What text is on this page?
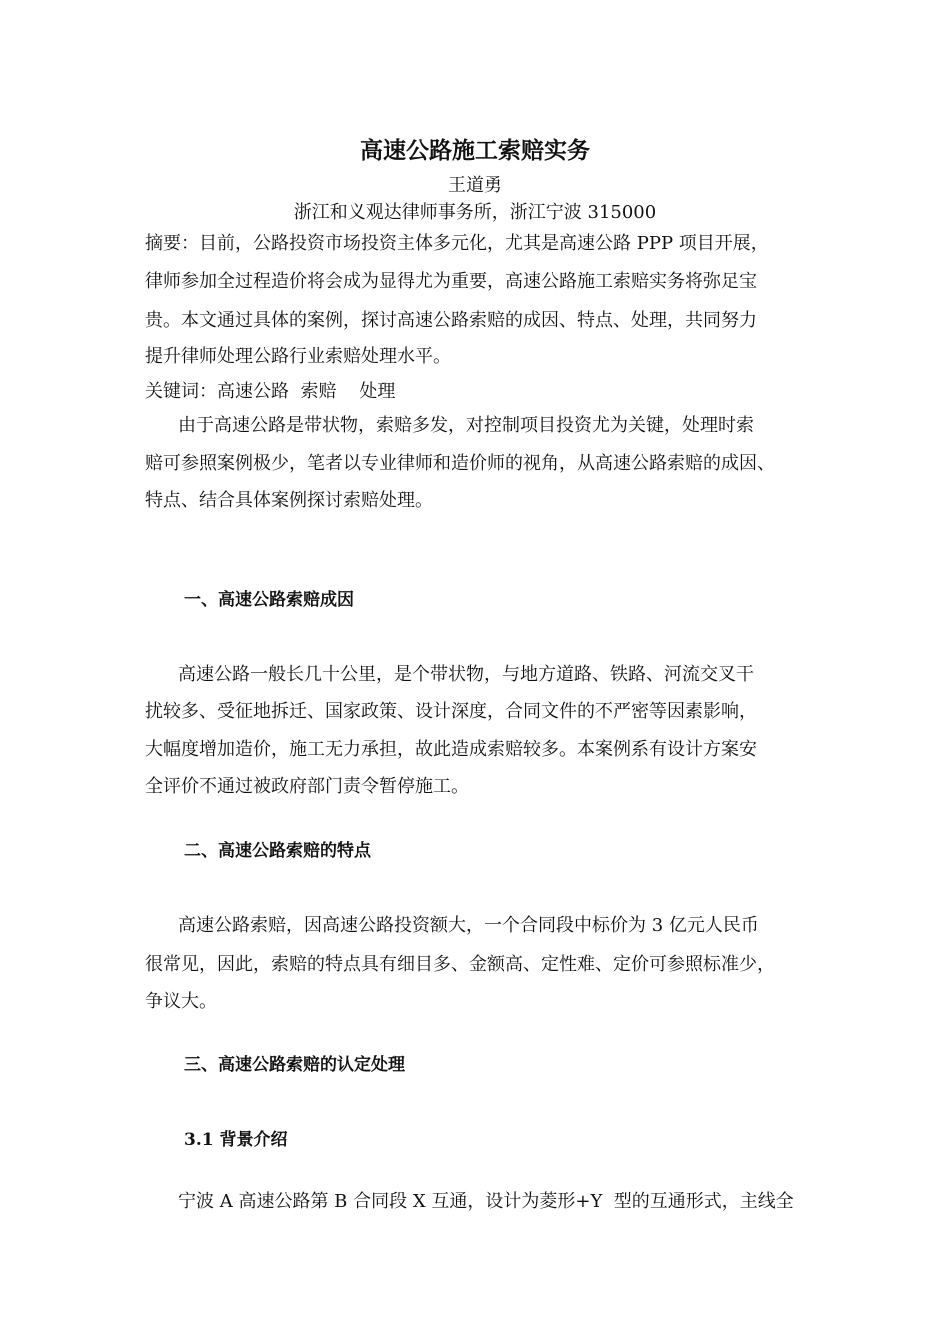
高速公路施工索赔实务
王道勇
浙江和义观达律师事务所，浙江宁波 315000
摘要：目前，公路投资市场投资主体多元化，尤其是高速公路 PPP 项目开展，
律师参加全过程造价将会成为显得尤为重要，高速公路施工索赔实务将弥足宝
贵。本文通过具体的案例，探讨高速公路索赔的成因、特点、处理，共同努力
提升律师处理公路行业索赔处理水平。
关键词：高速公路  索赔    处理
由于高速公路是带状物，索赔多发，对控制项目投资尤为关键，处理时索
赔可参照案例极少，笔者以专业律师和造价师的视角，从高速公路索赔的成因、
特点、结合具体案例探讨索赔处理。
一、高速公路索赔成因
高速公路一般长几十公里，是个带状物，与地方道路、铁路、河流交叉干
扰较多、受征地拆迁、国家政策、设计深度，合同文件的不严密等因素影响，
大幅度增加造价，施工无力承担，故此造成索赔较多。本案例系有设计方案安
全评价不通过被政府部门责令暂停施工。
二、高速公路索赔的特点
高速公路索赔，因高速公路投资额大，一个合同段中标价为 3 亿元人民币
很常见，因此，索赔的特点具有细目多、金额高、定性难、定价可参照标准少，
争议大。
三、高速公路索赔的认定处理
3.1 背景介绍
宁波 A 高速公路第 B 合同段 X 互通，设计为菱形+Y  型的互通形式，主线全
